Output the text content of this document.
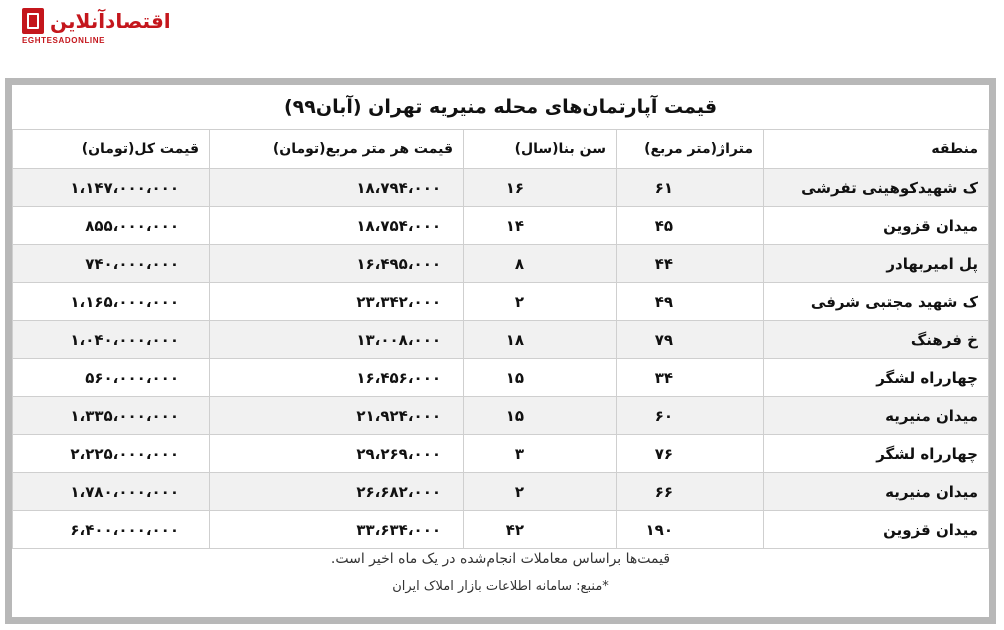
اقتصادآنلاین
EGHTESADONLINE
قیمت آپارتمان‌های محله منیریه تهران (آبان۹۹)
منطقه	متراژ(متر مربع)	سن بنا(سال)	قیمت هر متر مربع(تومان)	قیمت کل(تومان)
ک شهیدکوهینی تفرشی	۶۱	۱۶	۱۸،۷۹۴،۰۰۰	۱،۱۴۷،۰۰۰،۰۰۰
میدان قزوین	۴۵	۱۴	۱۸،۷۵۴،۰۰۰	۸۵۵،۰۰۰،۰۰۰
پل امیربهادر	۴۴	۸	۱۶،۴۹۵،۰۰۰	۷۴۰،۰۰۰،۰۰۰
ک شهید مجتبی شرفی	۴۹	۲	۲۳،۳۴۲،۰۰۰	۱،۱۶۵،۰۰۰،۰۰۰
خ فرهنگ	۷۹	۱۸	۱۳،۰۰۸،۰۰۰	۱،۰۴۰،۰۰۰،۰۰۰
چهارراه لشگر	۳۴	۱۵	۱۶،۴۵۶،۰۰۰	۵۶۰،۰۰۰،۰۰۰
میدان منیریه	۶۰	۱۵	۲۱،۹۲۴،۰۰۰	۱،۳۳۵،۰۰۰،۰۰۰
چهارراه لشگر	۷۶	۳	۲۹،۲۶۹،۰۰۰	۲،۲۲۵،۰۰۰،۰۰۰
میدان منیریه	۶۶	۲	۲۶،۶۸۲،۰۰۰	۱،۷۸۰،۰۰۰،۰۰۰
میدان قزوین	۱۹۰	۴۲	۳۳،۶۳۴،۰۰۰	۶،۴۰۰،۰۰۰،۰۰۰
قیمت‌ها براساس معاملات انجام‌شده در یک ماه اخیر است.
*منبع: سامانه اطلاعات بازار املاک ایران
